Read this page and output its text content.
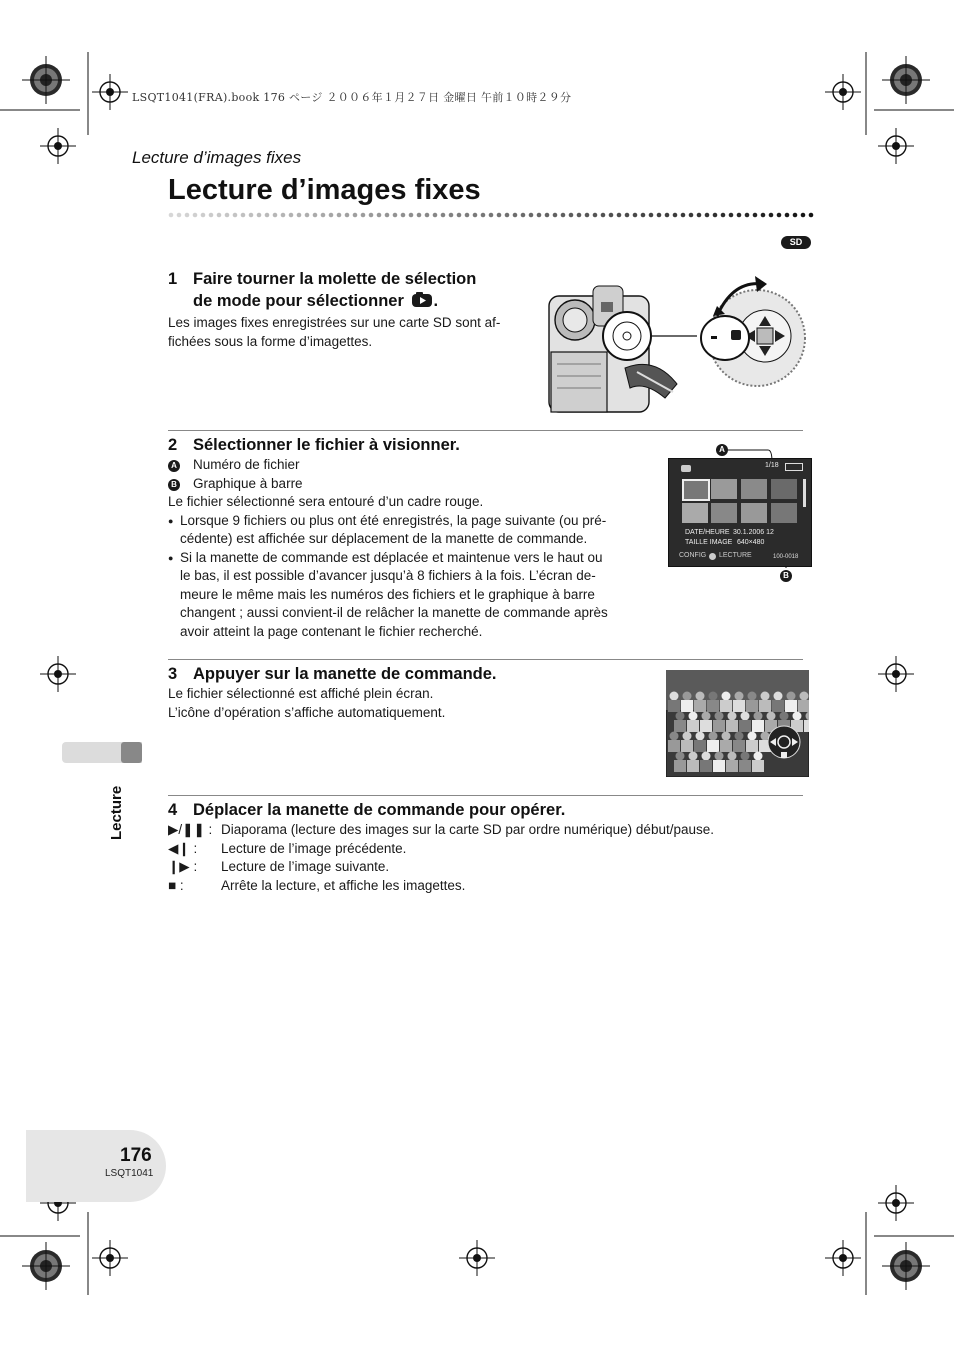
LSQT1041(FRA).book 176 ページ ２００６年１月２７日 金曜日 午前１０時２９分
Lecture d’images fixes
Lecture d’images fixes
SD
1 Faire tourner la molette de sélection
de mode pour sélectionner .
Les images fixes enregistrées sur une carte SD sont af-
fichées sous la forme d’imagettes.
2 Sélectionner le fichier à visionner.
A Numéro de fichier
B Graphique à barre
Le fichier sélectionné sera entouré d’un cadre rouge.
● Lorsque 9 fichiers ou plus ont été enregistrés, la page suivante (ou pré-
cédente) est affichée sur déplacement de la manette de commande.
● Si la manette de commande est déplacée et maintenue vers le haut ou
le bas, il est possible d’avancer jusqu’à 8 fichiers à la fois. L’écran de-
meure le même mais les numéros des fichiers et le graphique à barre
changent ; aussi convient-il de relâcher la manette de commande après
avoir atteint la page contenant le fichier recherché.
A
B
1/18
DATE/HEURE 30.1.2006 12
TAILLE IMAGE 640×480
CONFIG LECTURE	100-0018
3 Appuyer sur la manette de commande.
Le fichier sélectionné est affiché plein écran.
L’icône d’opération s’affiche automatiquement.
4 Déplacer la manette de commande pour opérer.
▶/❚❚ : Diaporama (lecture des images sur la carte SD par ordre numérique) début/pause.
◀❙ :	Lecture de l’image précédente.
❙▶ :	Lecture de l’image suivante.
■ :	Arrête la lecture, et affiche les imagettes.
Lecture
176
LSQT1041
